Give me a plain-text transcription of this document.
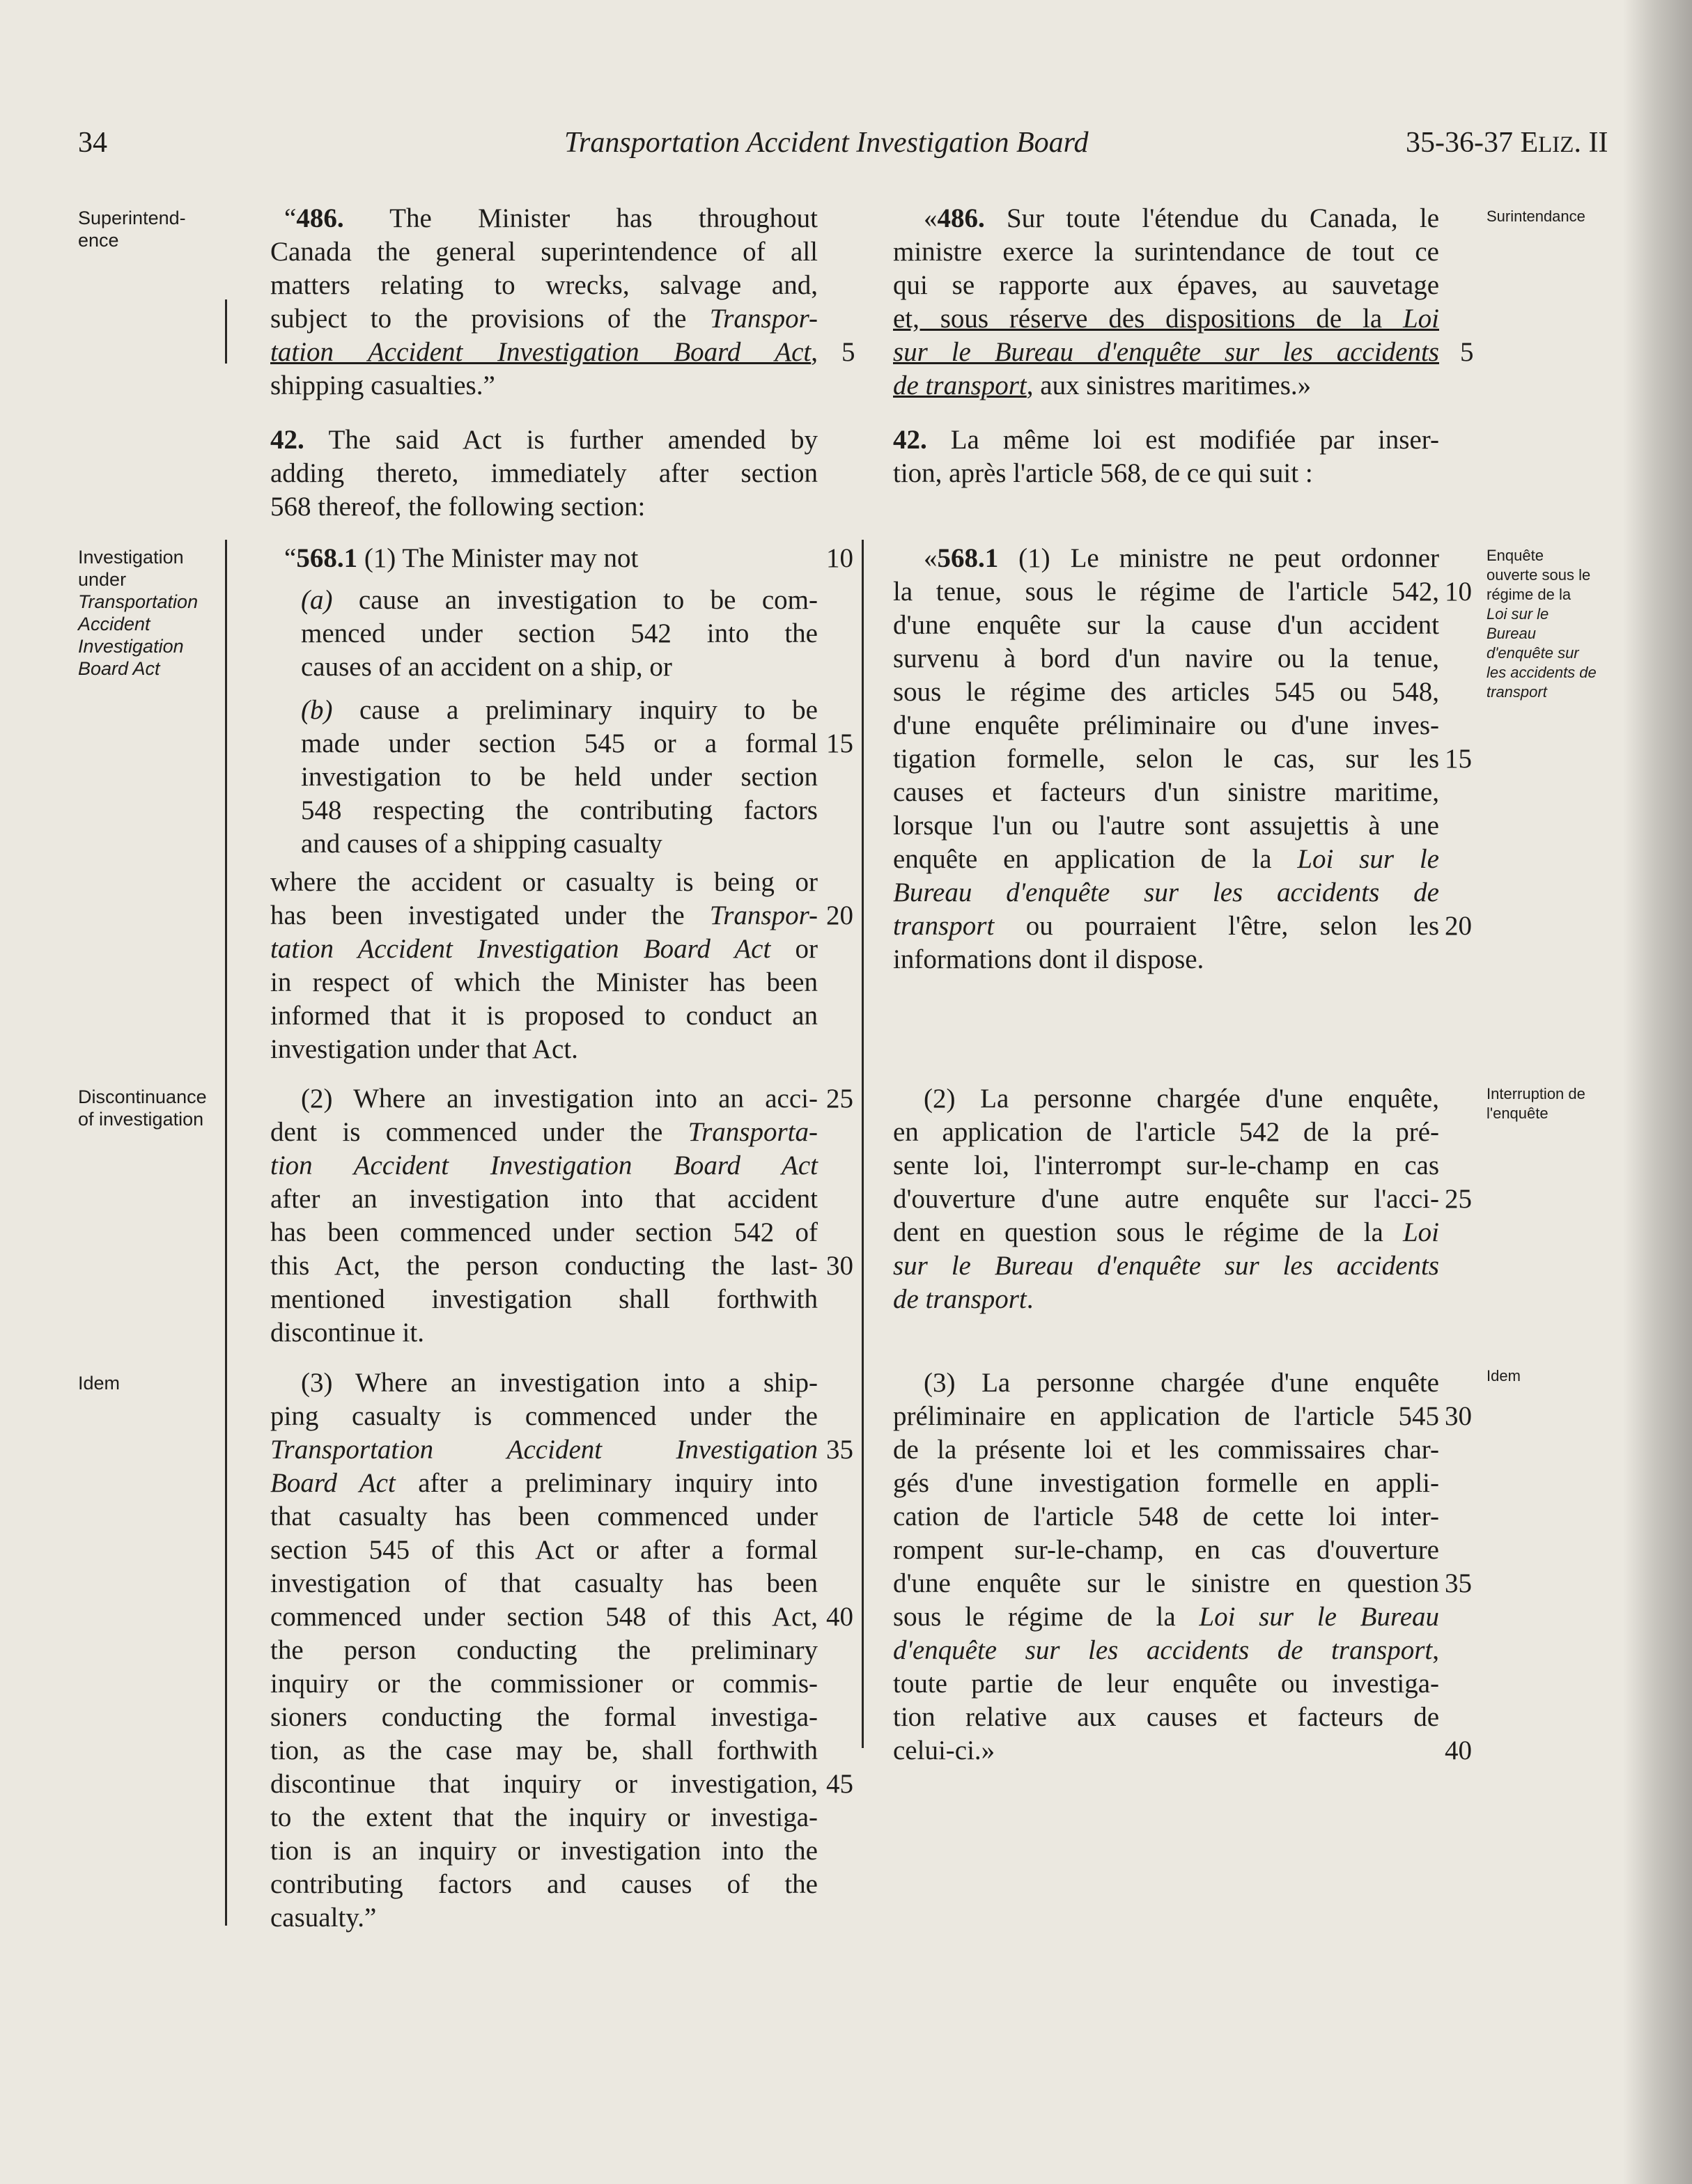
34	Transportation Accident Investigation Board	35-36-37 ELIZ. II
Superintend-
ence
Investigation
under
Transportation
Accident
Investigation
Board Act
Discontinuance
of investigation
Idem
Surintendance
Enquête
ouverte sous le
régime de la
Loi sur le
Bureau
d'enquête sur
les accidents de
transport
Interruption de
l'enquête
Idem
“486. The Minister has throughout
Canada the general superintendence of all
matters relating to wrecks, salvage and,
subject to the provisions of the Transpor-
tation Accident Investigation Board Act,
shipping casualties.”
42. The said Act is further amended by
adding thereto, immediately after section
568 thereof, the following section:
“568.1 (1) The Minister may not
(a) cause an investigation to be com-
menced under section 542 into the
causes of an accident on a ship, or
(b) cause a preliminary inquiry to be
made under section 545 or a formal
investigation to be held under section
548 respecting the contributing factors
and causes of a shipping casualty
where the accident or casualty is being or
has been investigated under the Transpor-
tation Accident Investigation Board Act or
in respect of which the Minister has been
informed that it is proposed to conduct an
investigation under that Act.
(2) Where an investigation into an acci-
dent is commenced under the Transporta-
tion Accident Investigation Board Act
after an investigation into that accident
has been commenced under section 542 of
this Act, the person conducting the last-
mentioned investigation shall forthwith
discontinue it.
(3) Where an investigation into a ship-
ping casualty is commenced under the
Transportation Accident Investigation
Board Act after a preliminary inquiry into
that casualty has been commenced under
section 545 of this Act or after a formal
investigation of that casualty has been
commenced under section 548 of this Act,
the person conducting the preliminary
inquiry or the commissioner or commis-
sioners conducting the formal investiga-
tion, as the case may be, shall forthwith
discontinue that inquiry or investigation,
to the extent that the inquiry or investiga-
tion is an inquiry or investigation into the
contributing factors and causes of the
casualty.”
«486. Sur toute l'étendue du Canada, le
ministre exerce la surintendance de tout ce
qui se rapporte aux épaves, au sauvetage
et, sous réserve des dispositions de la Loi
sur le Bureau d'enquête sur les accidents
de transport, aux sinistres maritimes.»
42. La même loi est modifiée par inser-
tion, après l'article 568, de ce qui suit :
«568.1 (1) Le ministre ne peut ordonner
la tenue, sous le régime de l'article 542,
d'une enquête sur la cause d'un accident
survenu à bord d'un navire ou la tenue,
sous le régime des articles 545 ou 548,
d'une enquête préliminaire ou d'une inves-
tigation formelle, selon le cas, sur les
causes et facteurs d'un sinistre maritime,
lorsque l'un ou l'autre sont assujettis à une
enquête en application de la Loi sur le
Bureau d'enquête sur les accidents de
transport ou pourraient l'être, selon les
informations dont il dispose.
(2) La personne chargée d'une enquête,
en application de l'article 542 de la pré-
sente loi, l'interrompt sur-le-champ en cas
d'ouverture d'une autre enquête sur l'acci-
dent en question sous le régime de la Loi
sur le Bureau d'enquête sur les accidents
de transport.
(3) La personne chargée d'une enquête
préliminaire en application de l'article 545
de la présente loi et les commissaires char-
gés d'une investigation formelle en appli-
cation de l'article 548 de cette loi inter-
rompent sur-le-champ, en cas d'ouverture
d'une enquête sur le sinistre en question
sous le régime de la Loi sur le Bureau
d'enquête sur les accidents de transport,
toute partie de leur enquête ou investiga-
tion relative aux causes et facteurs de
celui-ci.»
5
10
15
20
25
30
35
40
45
5
10
15
20
25
30
35
40
